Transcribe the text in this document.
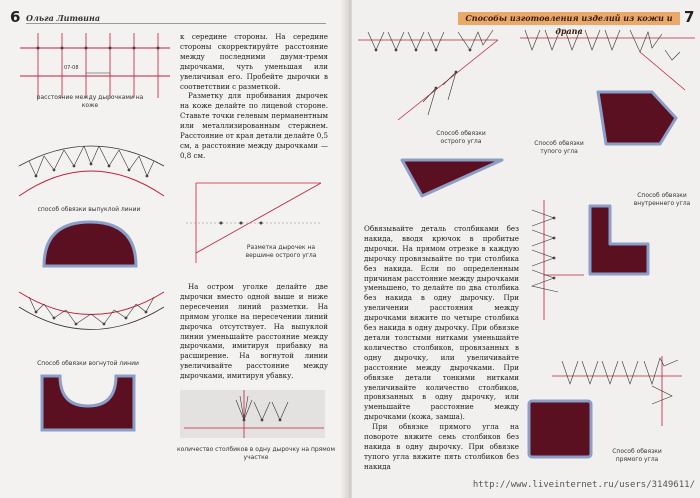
6 Ольга Литвина
07-08
расстояние между дырочками на коже
способ обвязки выпуклой линии
Способ обвязки вогнутой линии

к середине стороны. На середине стороны скорректируйте расстояние между последними двумя-тремя дырочками, чуть уменьшая или увеличивая его. Пробейте дырочки в соответствии с разметкой.

Разметку для пробивания дырочек на коже делайте по лицевой стороне. Ставьте точки гелевым перманентным или металлизированным стержнем. Расстояние от края детали делайте 0,5 см, а расстояние между дырочками — 0,8 см.

Разметка дырочек на вершине острого угла

На остром уголке делайте две дырочки вместо одной выше и ниже пересечения линий разметки. На прямом уголке на пересечении линий дырочка отсутствует. На выпуклой линии уменьшайте расстояние между дырочками, имитируя прибавку на расширение. На вогнутой линии увеличивайте расстояние между дырочками, имитируя убавку.

количество столбиков в одну дырочку на прямом участке
Способы изготовления изделий из кожи и драпа
7
Способ обвязки острого угла	Способ обвязки тупого угла

Обвязывайте деталь столбиками без накида, вводя крючок в пробитые дырочки. На прямом отрезке в каждую дырочку провязывайте по три столбика без накида. Если по определенным причинам расстояние между дырочками уменьшено, то делайте по два столбика без накида в одну дырочку. При увеличении расстояния между дырочками вяжите по четыре столбика без накида в одну дырочку. При обвязке детали толстыми нитками уменьшайте количество столбиков, провязанных в одну дырочку, или увеличивайте расстояние между дырочками. При обвязке детали тонкими нитками увеличивайте количество столбиков, провязанных в одну дырочку, или уменьшайте расстояние между дырочками (кожа, замша).

При обвязке прямого угла на повороте вяжите семь столбиков без накида в одну дырочку. При обвязке тупого угла вяжите пять столбиков без накида

Способ обвязки внутреннего угла
Способ обвязки прямого угла
http://www.liveinternet.ru/users/3149611/
